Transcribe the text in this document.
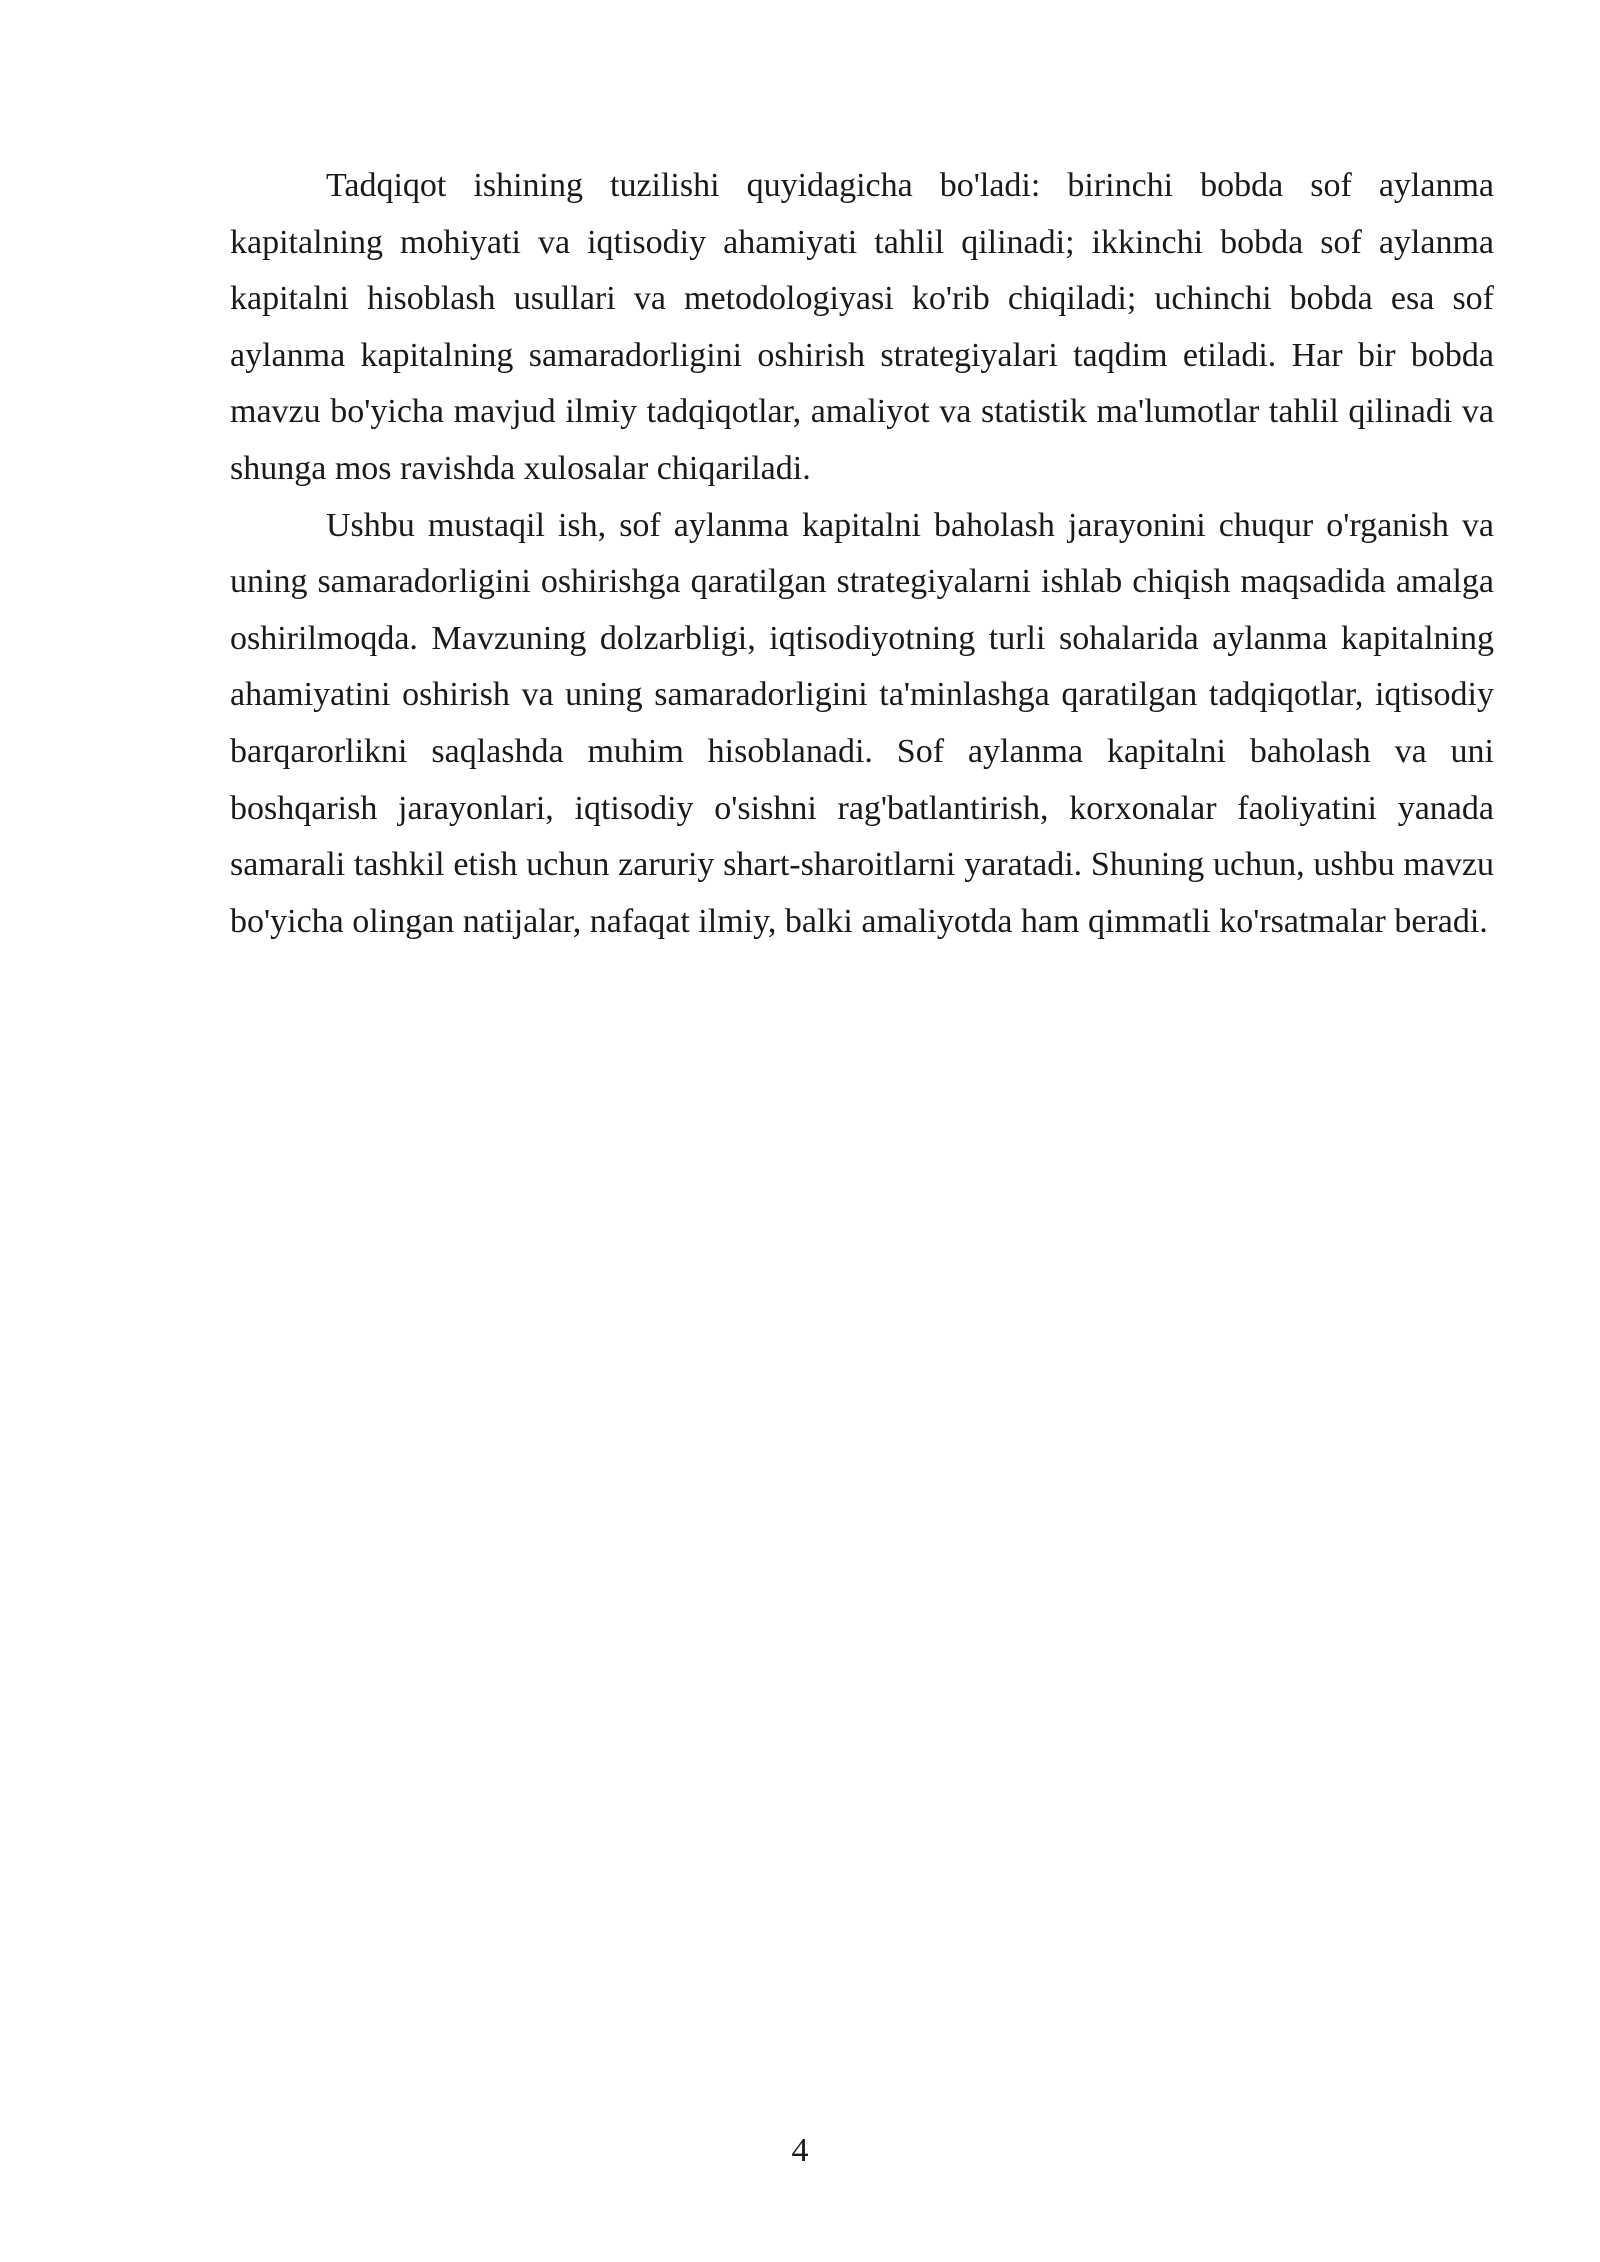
Tadqiqot ishining tuzilishi quyidagicha bo'ladi: birinchi bobda sof aylanma kapitalning mohiyati va iqtisodiy ahamiyati tahlil qilinadi; ikkinchi bobda sof aylanma kapitalni hisoblash usullari va metodologiyasi ko'rib chiqiladi; uchinchi bobda esa sof aylanma kapitalning samaradorligini oshirish strategiyalari taqdim etiladi. Har bir bobda mavzu bo'yicha mavjud ilmiy tadqiqotlar, amaliyot va statistik ma'lumotlar tahlil qilinadi va shunga mos ravishda xulosalar chiqariladi.

Ushbu mustaqil ish, sof aylanma kapitalni baholash jarayonini chuqur o'rganish va uning samaradorligini oshirishga qaratilgan strategiyalarni ishlab chiqish maqsadida amalga oshirilmoqda. Mavzuning dolzarbligi, iqtisodiyotning turli sohalarida aylanma kapitalning ahamiyatini oshirish va uning samaradorligini ta'minlashga qaratilgan tadqiqotlar, iqtisodiy barqarorlikni saqlashda muhim hisoblanadi. Sof aylanma kapitalni baholash va uni boshqarish jarayonlari, iqtisodiy o'sishni rag'batlantirish, korxonalar faoliyatini yanada samarali tashkil etish uchun zaruriy shart-sharoitlarni yaratadi. Shuning uchun, ushbu mavzu bo'yicha olingan natijalar, nafaqat ilmiy, balki amaliyotda ham qimmatli ko'rsatmalar beradi.

4
